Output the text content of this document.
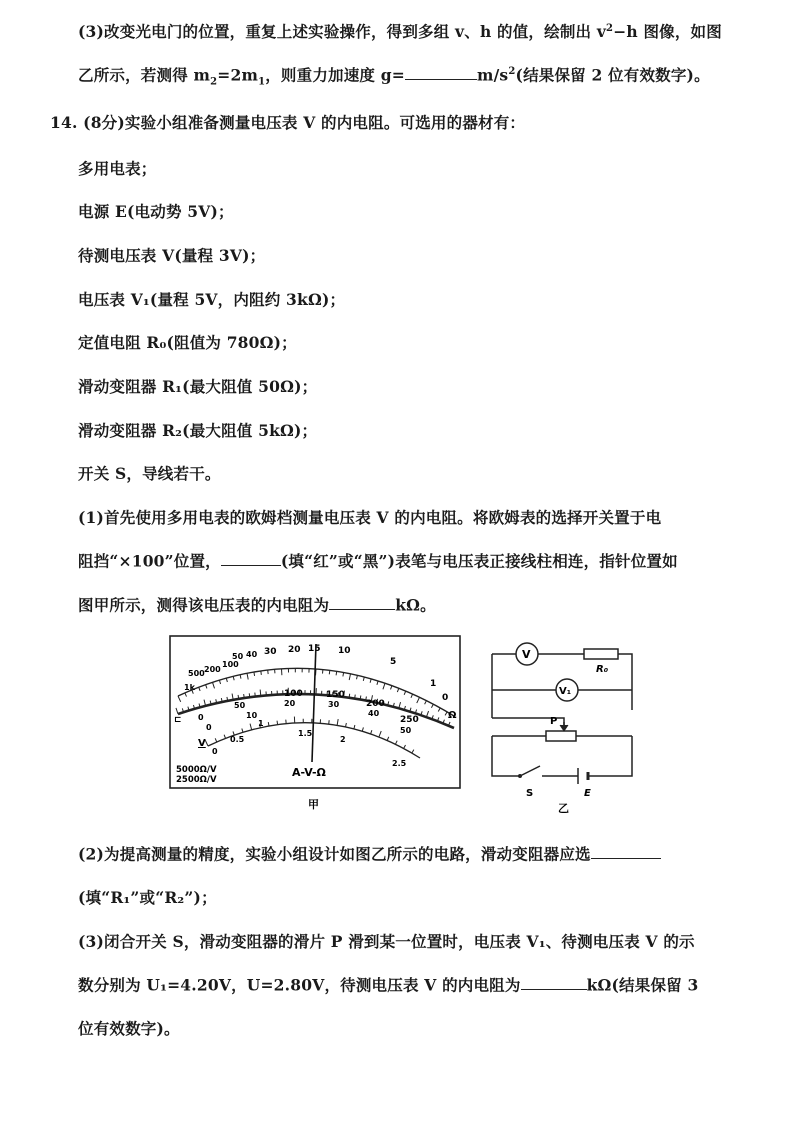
(3)改变光电门的位置，重复上述实验操作，得到多组 v、h 的值，绘制出 $v^2-h$ 图像，如图
乙所示，若测得 $m_2=2m_1$，则重力加速度 g=	$m/s^2$(结果保留 2 位有效数字)。
14. (8分)实验小组准备测量电压表 V 的内电阻。可选用的器材有：
多用电表；
电源 E(电动势 5V)；
待测电压表 V(量程 3V)；
电压表 V₁(量程 5V，内阻约 3kΩ)；
定值电阻 R₀(阻值为 780Ω)；
滑动变阻器 R₁(最大阻值 50Ω)；
滑动变阻器 R₂(最大阻值 5kΩ)；
开关 S，导线若干。
(1)首先使用多用电表的欧姆档测量电压表 V 的内电阻。将欧姆表的选择开关置于电
阻挡“×100”位置，	(填“红”或“黑”)表笔与电压表正接线柱相连，指针位置如
图甲所示，测得该电压表的内电阻为	kΩ。
1k
500 200
100
50 40 30 20 15 10
5
1
0
Ω
0
50
100	150
200
250
0
10
20	30
40
50
0
0.5
1
1.5
2
2.5
⊏
V
5000Ω/V
2500Ω/V
A-V-Ω
甲
V
R₀
V₁
P
S	E
乙
(2)为提高测量的精度，实验小组设计如图乙所示的电路，滑动变阻器应选
(填“R₁”或“R₂”)；
(3)闭合开关 S，滑动变阻器的滑片 P 滑到某一位置时，电压表 V₁、待测电压表 V 的示
数分别为 U₁=4.20V，U=2.80V，待测电压表 V 的内电阻为	kΩ(结果保留 3
位有效数字)。
